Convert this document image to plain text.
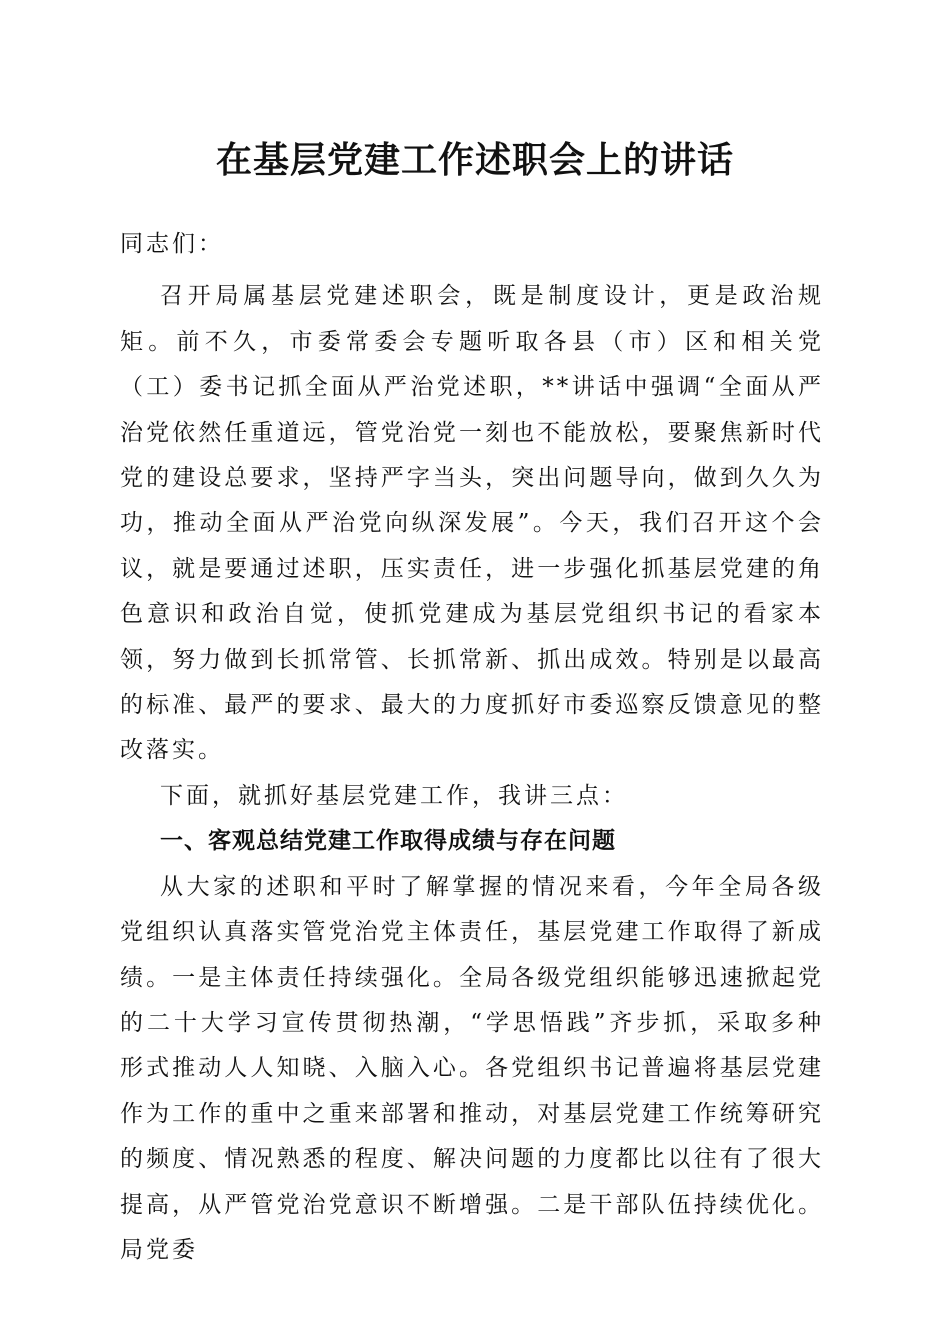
在基层党建工作述职会上的讲话

同志们：

召开局属基层党建述职会，既是制度设计，更是政治规矩。前不久，市委常委会专题听取各县（市）区和相关党（工）委书记抓全面从严治党述职，**讲话中强调“全面从严治党依然任重道远，管党治党一刻也不能放松，要聚焦新时代党的建设总要求，坚持严字当头，突出问题导向，做到久久为功，推动全面从严治党向纵深发展”。今天，我们召开这个会议，就是要通过述职，压实责任，进一步强化抓基层党建的角色意识和政治自觉，使抓党建成为基层党组织书记的看家本领，努力做到长抓常管、长抓常新、抓出成效。特别是以最高的标准、最严的要求、最大的力度抓好市委巡察反馈意见的整改落实。

下面，就抓好基层党建工作，我讲三点：

一、客观总结党建工作取得成绩与存在问题

从大家的述职和平时了解掌握的情况来看，今年全局各级党组织认真落实管党治党主体责任，基层党建工作取得了新成绩。一是主体责任持续强化。全局各级党组织能够迅速掀起党的二十大学习宣传贯彻热潮，“学思悟践”齐步抓，采取多种形式推动人人知晓、入脑入心。各党组织书记普遍将基层党建作为工作的重中之重来部署和推动，对基层党建工作统筹研究的频度、情况熟悉的程度、解决问题的力度都比以往有了很大提高，从严管党治党意识不断增强。二是干部队伍持续优化。局党委
